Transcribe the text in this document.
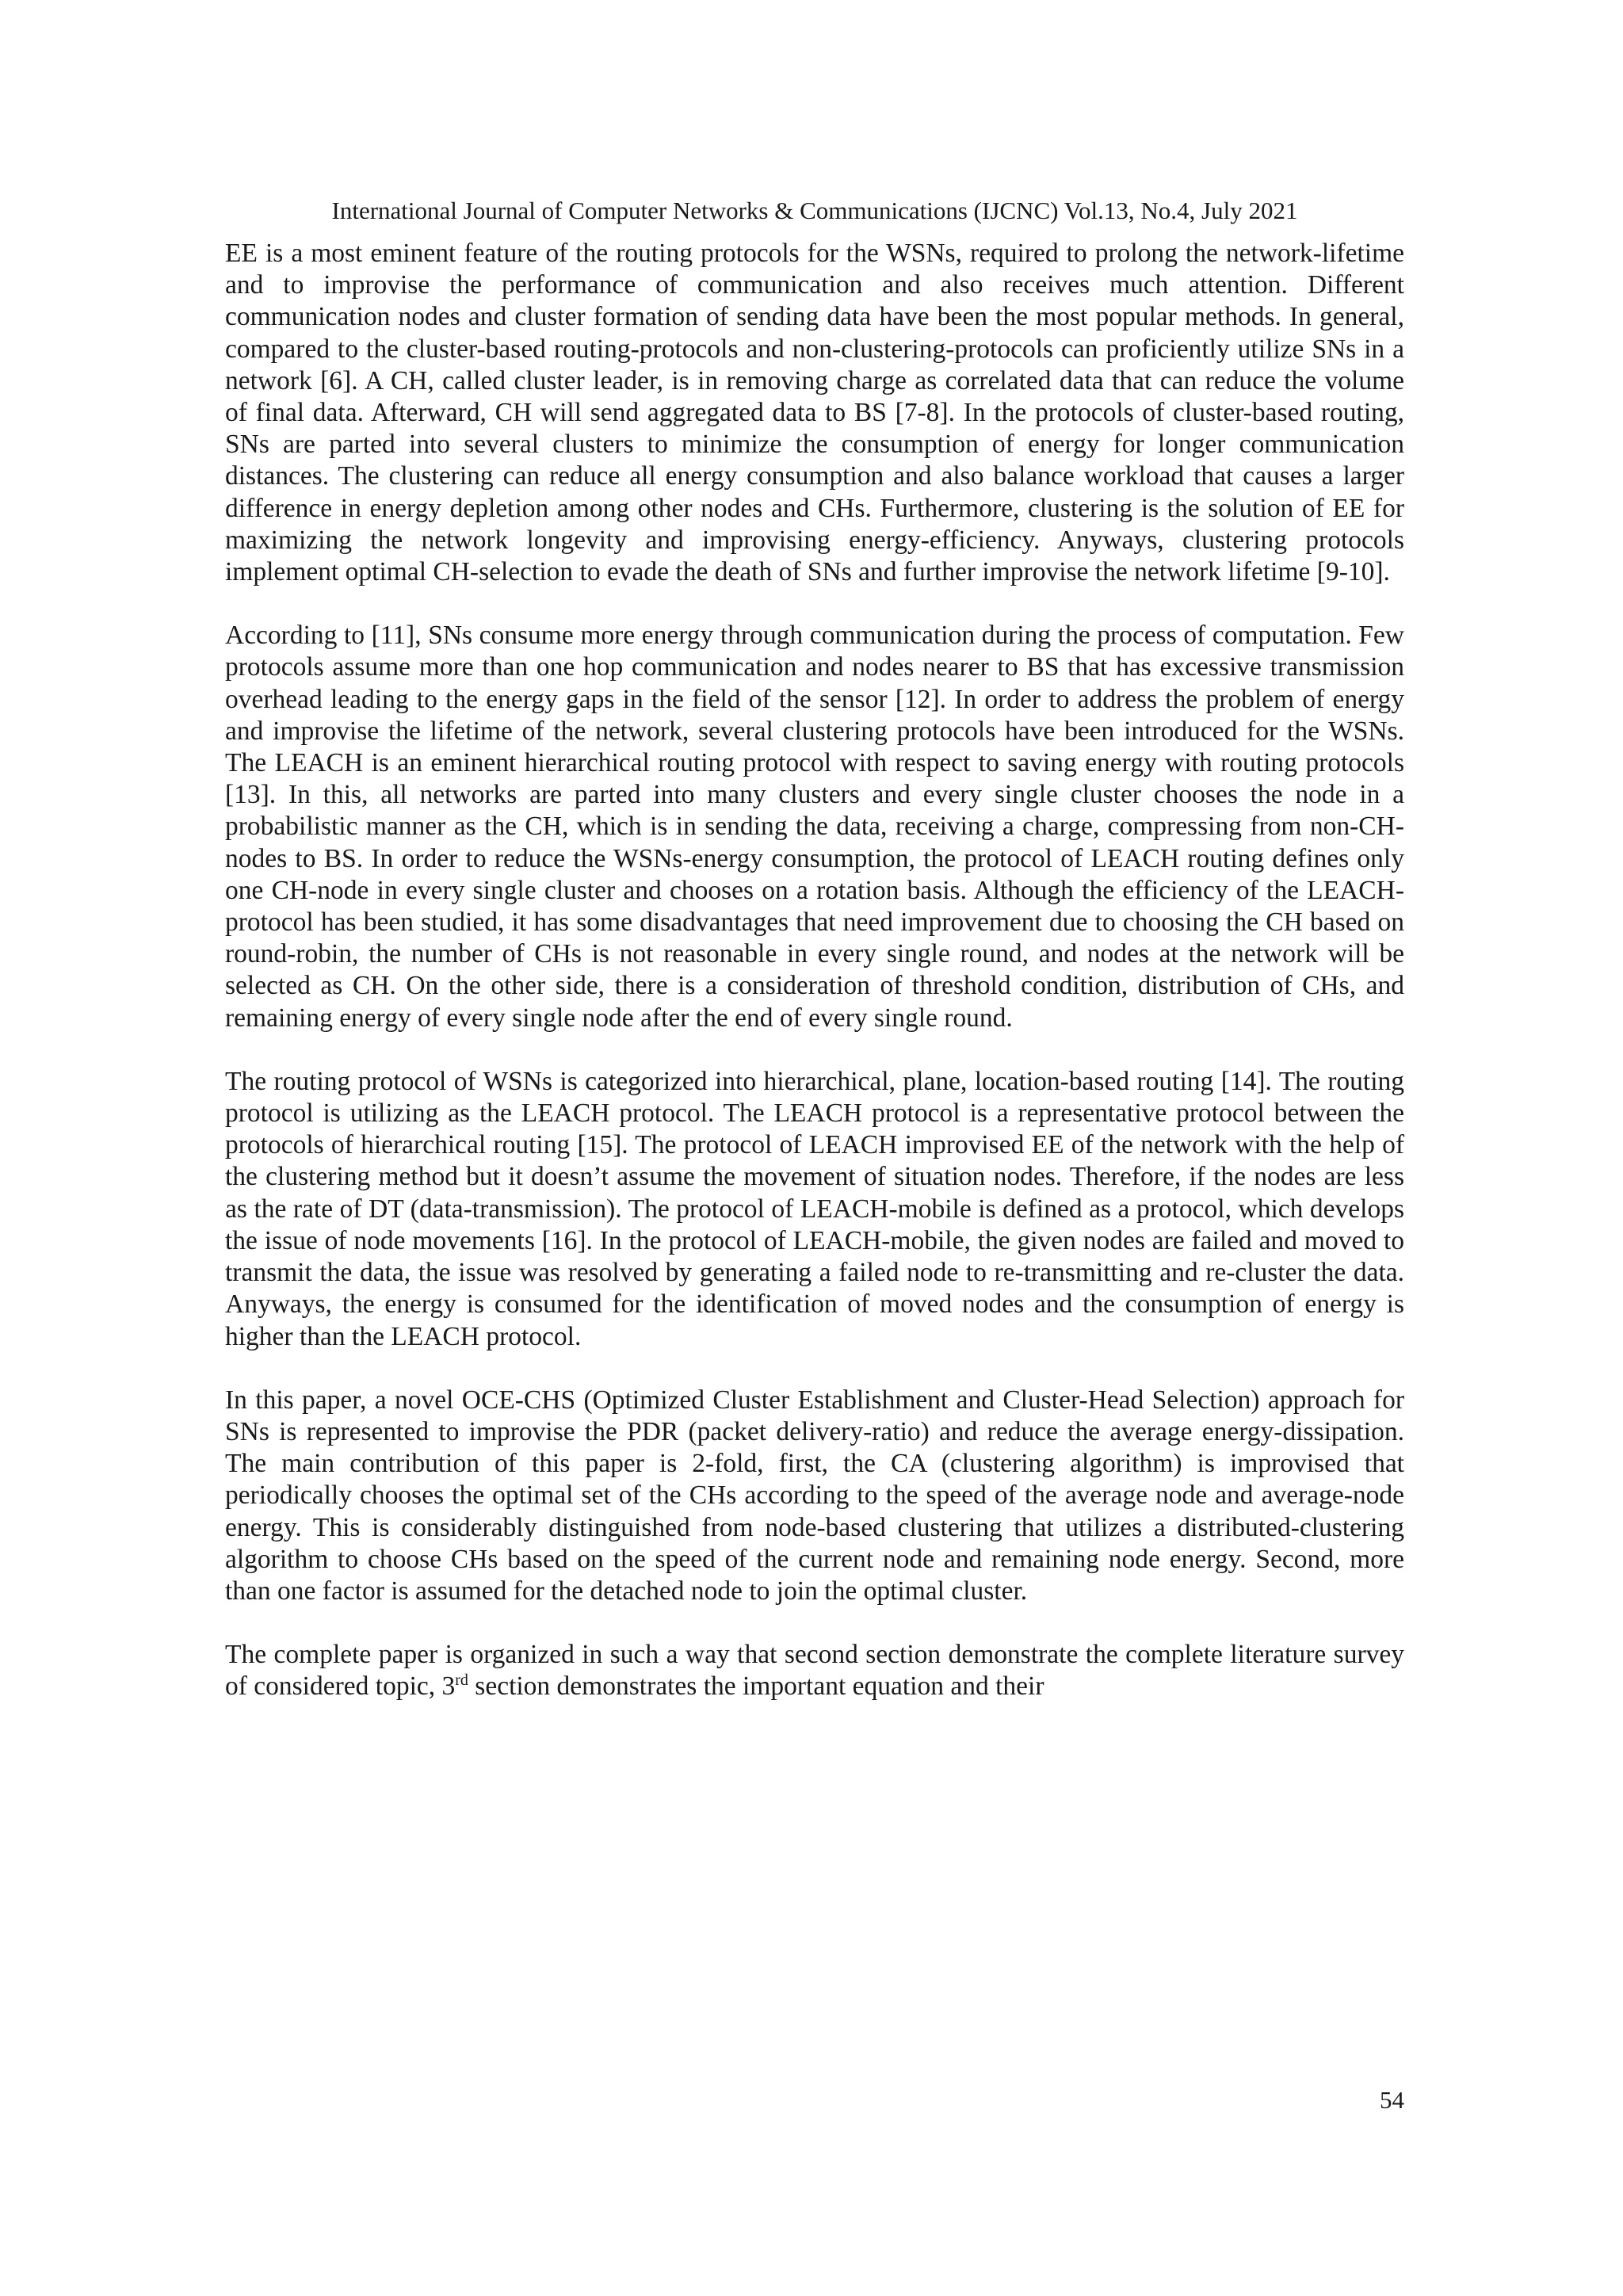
International Journal of Computer Networks & Communications (IJCNC) Vol.13, No.4, July 2021

EE is a most eminent feature of the routing protocols for the WSNs, required to prolong the network-lifetime and to improvise the performance of communication and also receives much attention. Different communication nodes and cluster formation of sending data have been the most popular methods. In general, compared to the cluster-based routing-protocols and non-clustering-protocols can proficiently utilize SNs in a network [6]. A CH, called cluster leader, is in removing charge as correlated data that can reduce the volume of final data. Afterward, CH will send aggregated data to BS [7-8]. In the protocols of cluster-based routing, SNs are parted into several clusters to minimize the consumption of energy for longer communication distances. The clustering can reduce all energy consumption and also balance workload that causes a larger difference in energy depletion among other nodes and CHs. Furthermore, clustering is the solution of EE for maximizing the network longevity and improvising energy-efficiency. Anyways, clustering protocols implement optimal CH-selection to evade the death of SNs and further improvise the network lifetime [9-10].

According to [11], SNs consume more energy through communication during the process of computation. Few protocols assume more than one hop communication and nodes nearer to BS that has excessive transmission overhead leading to the energy gaps in the field of the sensor [12]. In order to address the problem of energy and improvise the lifetime of the network, several clustering protocols have been introduced for the WSNs. The LEACH is an eminent hierarchical routing protocol with respect to saving energy with routing protocols [13]. In this, all networks are parted into many clusters and every single cluster chooses the node in a probabilistic manner as the CH, which is in sending the data, receiving a charge, compressing from non-CH-nodes to BS. In order to reduce the WSNs-energy consumption, the protocol of LEACH routing defines only one CH-node in every single cluster and chooses on a rotation basis. Although the efficiency of the LEACH-protocol has been studied, it has some disadvantages that need improvement due to choosing the CH based on round-robin, the number of CHs is not reasonable in every single round, and nodes at the network will be selected as CH. On the other side, there is a consideration of threshold condition, distribution of CHs, and remaining energy of every single node after the end of every single round.

The routing protocol of WSNs is categorized into hierarchical, plane, location-based routing [14]. The routing protocol is utilizing as the LEACH protocol. The LEACH protocol is a representative protocol between the protocols of hierarchical routing [15]. The protocol of LEACH improvised EE of the network with the help of the clustering method but it doesn’t assume the movement of situation nodes. Therefore, if the nodes are less as the rate of DT (data-transmission). The protocol of LEACH-mobile is defined as a protocol, which develops the issue of node movements [16]. In the protocol of LEACH-mobile, the given nodes are failed and moved to transmit the data, the issue was resolved by generating a failed node to re-transmitting and re-cluster the data. Anyways, the energy is consumed for the identification of moved nodes and the consumption of energy is higher than the LEACH protocol.

In this paper, a novel OCE-CHS (Optimized Cluster Establishment and Cluster-Head Selection) approach for SNs is represented to improvise the PDR (packet delivery-ratio) and reduce the average energy-dissipation. The main contribution of this paper is 2-fold, first, the CA (clustering algorithm) is improvised that periodically chooses the optimal set of the CHs according to the speed of the average node and average-node energy. This is considerably distinguished from node-based clustering that utilizes a distributed-clustering algorithm to choose CHs based on the speed of the current node and remaining node energy. Second, more than one factor is assumed for the detached node to join the optimal cluster.

The complete paper is organized in such a way that second section demonstrate the complete literature survey of considered topic, 3rd section demonstrates the important equation and their

54
